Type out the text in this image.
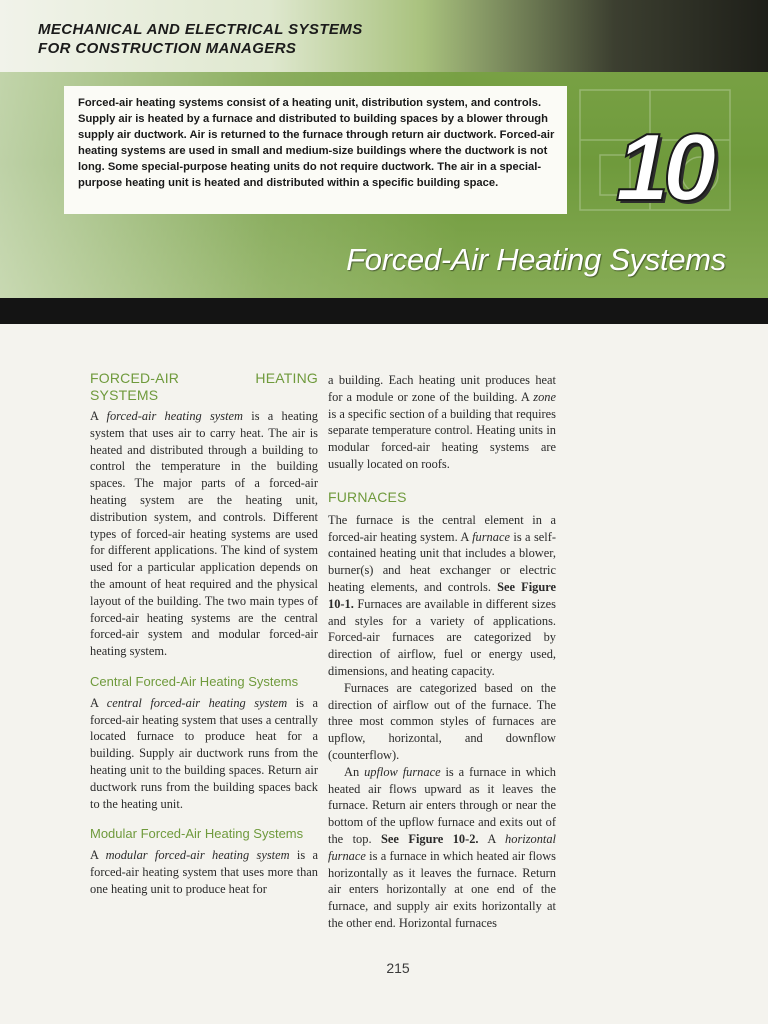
MECHANICAL AND ELECTRICAL SYSTEMS
FOR CONSTRUCTION MANAGERS
Forced-air heating systems consist of a heating unit, distribution system, and controls. Supply air is heated by a furnace and distributed to building spaces by a blower through supply air ductwork. Air is returned to the furnace through return air ductwork. Forced-air heating systems are used in small and medium-size buildings where the ductwork is not long. Some special-purpose heating units do not require ductwork. The air in a special-purpose heating unit is heated and distributed within a specific building space.	10
Forced-Air Heating Systems
FORCED-AIR HEATING SYSTEMS

A forced-air heating system is a heating system that uses air to carry heat. The air is heated and distributed through a building to control the temperature in the building spaces. The major parts of a forced-air heating system are the heating unit, distribution system, and controls. Different types of forced-air heating systems are used for different applications. The kind of system used for a particular application depends on the amount of heat required and the physical layout of the building. The two main types of forced-air heating systems are the central forced-air system and modular forced-air heating system.

Central Forced-Air Heating Systems

A central forced-air heating system is a forced-air heating system that uses a centrally located furnace to produce heat for a building. Supply air ductwork runs from the heating unit to the building spaces. Return air ductwork runs from the building spaces back to the heating unit.

Modular Forced-Air Heating Systems

A modular forced-air heating system is a forced-air heating system that uses more than one heating unit to produce heat for

a building. Each heating unit produces heat for a module or zone of the building. A zone is a specific section of a building that requires separate temperature control. Heating units in modular forced-air heating systems are usually located on roofs.

FURNACES

The furnace is the central element in a forced-air heating system. A furnace is a self-contained heating unit that includes a blower, burner(s) and heat exchanger or electric heating elements, and controls. See Figure 10-1. Furnaces are available in different sizes and styles for a variety of applications. Forced-air furnaces are categorized by direction of airflow, fuel or energy used, dimensions, and heating capacity.

Furnaces are categorized based on the direction of airflow out of the furnace. The three most common styles of furnaces are upflow, horizontal, and downflow (counterflow).

An upflow furnace is a furnace in which heated air flows upward as it leaves the furnace. Return air enters through or near the bottom of the upflow furnace and exits out of the top. See Figure 10-2. A horizontal furnace is a furnace in which heated air flows horizontally as it leaves the furnace. Return air enters horizontally at one end of the furnace, and supply air exits horizontally at the other end. Horizontal furnaces

215
